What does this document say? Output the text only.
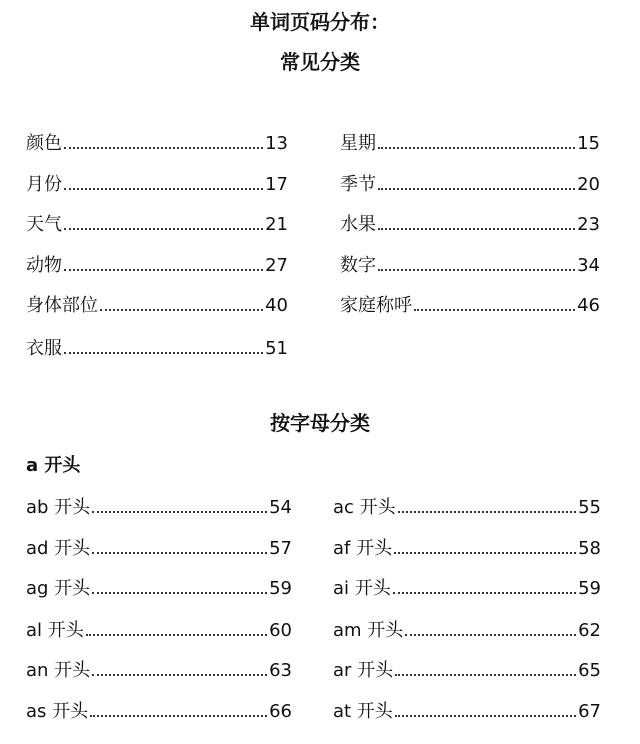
单词页码分布：
常见分类
颜色	13	星期	15
月份	17	季节	20
天气	21	水果	23
动物	27	数字	34
身体部位	40	家庭称呼	46
衣服	51
按字母分类
a 开头
ab 开头	54 ac 开头	55
ad 开头	57 af 开头	58
ag 开头	59 ai 开头	59
al 开头	60 am 开头	62
an 开头	63 ar 开头	65
as 开头	66 at 开头	67
